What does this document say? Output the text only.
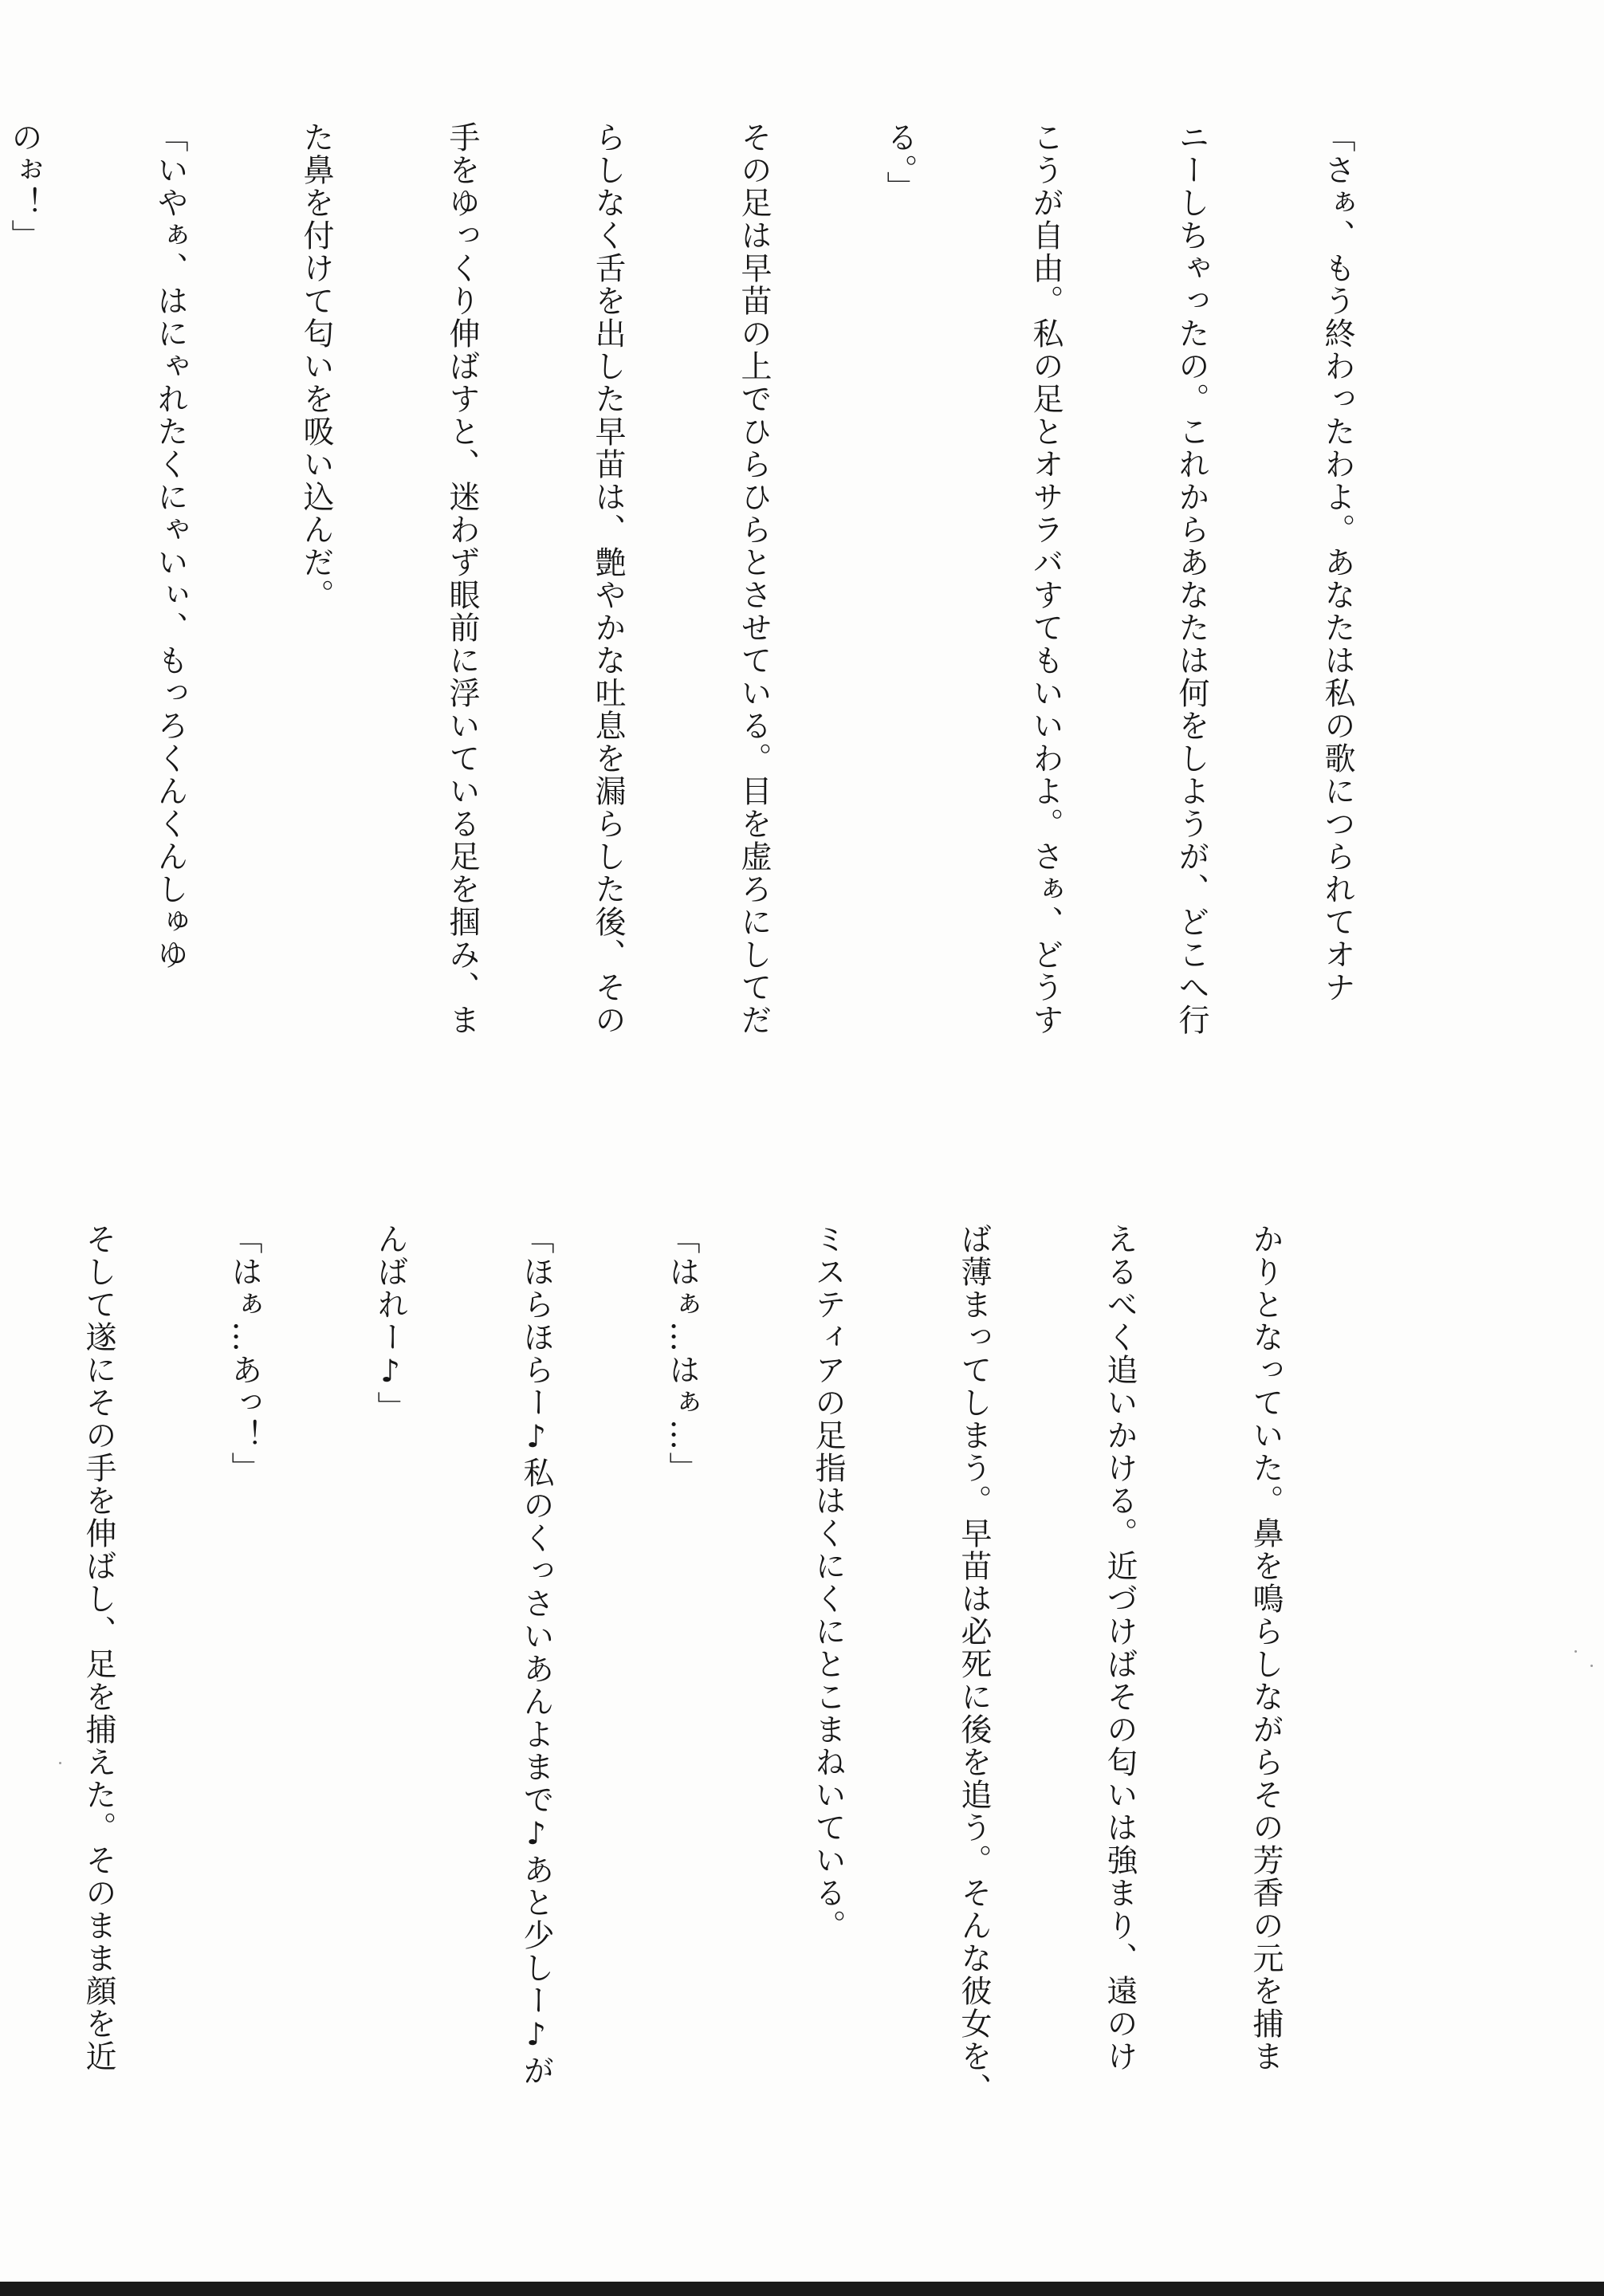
「さぁ、もう終わったわよ。あなたは私の歌につられてオナ

ニーしちゃったの。これからあなたは何をしようが、どこへ行

こうが自由。私の足とオサラバすてもいいわよ。さぁ、どうす

る。」

その足は早苗の上でひらひらとさせている。目を虚ろにしてだ

らしなく舌を出した早苗は、艶やかな吐息を漏らした後、その

手をゆっくり伸ばすと、迷わず眼前に浮いている足を掴み、ま

た鼻を付けて匂いを吸い込んだ。

「いやぁ、はにゃれたくにゃいぃ、もっろくんくんしゅゆ

のぉ！」

かりとなっていた。鼻を鳴らしながらその芳香の元を捕ま

えるべく追いかける。近づけばその匂いは強まり、遠のけ

ば薄まってしまう。早苗は必死に後を追う。そんな彼女を、

ミスティアの足指はくにくにとこまねいている。

「はぁ…はぁ…」

「ほらほらー♪私のくっさいあんよまで♪あと少しー♪が

んばれー♪」

「はぁ…あっ！」

そして遂にその手を伸ばし、足を捕えた。そのまま顔を近
